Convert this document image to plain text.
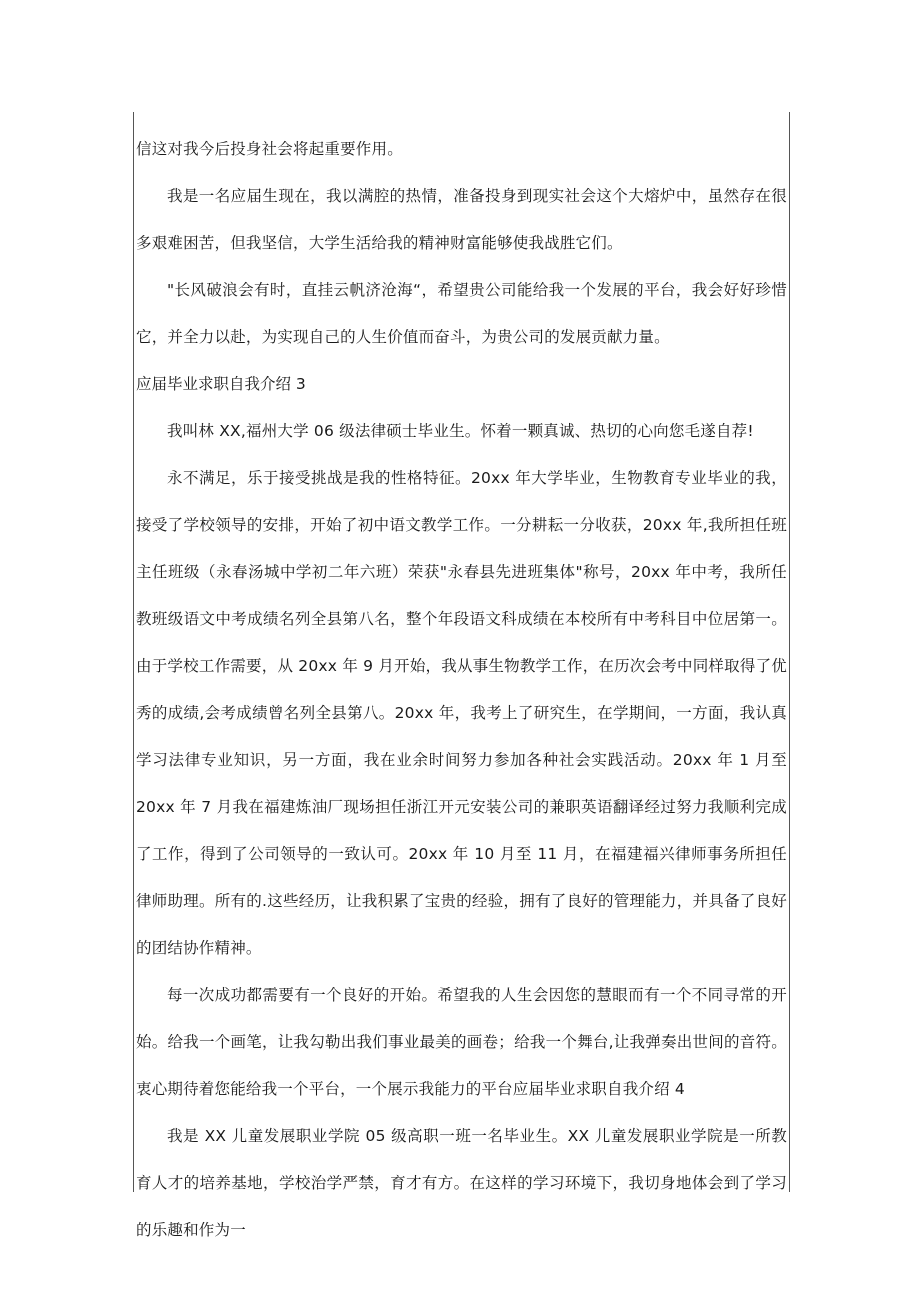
信这对我今后投身社会将起重要作用。

我是一名应届生现在，我以满腔的热情，准备投身到现实社会这个大熔炉中，虽然存在很多艰难困苦，但我坚信，大学生活给我的精神财富能够使我战胜它们。

"长风破浪会有时，直挂云帆济沧海“，希望贵公司能给我一个发展的平台，我会好好珍惜它，并全力以赴，为实现自己的人生价值而奋斗，为贵公司的发展贡献力量。

应届毕业求职自我介绍 3

我叫林 XX,福州大学 06 级法律硕士毕业生。怀着一颗真诚、热切的心向您毛遂自荐!

永不满足，乐于接受挑战是我的性格特征。20xx 年大学毕业，生物教育专业毕业的我，接受了学校领导的安排，开始了初中语文教学工作。一分耕耘一分收获，20xx 年,我所担任班主任班级（永春汤城中学初二年六班）荣获"永春县先进班集体"称号，20xx 年中考，我所任教班级语文中考成绩名列全县第八名，整个年段语文科成绩在本校所有中考科目中位居第一。由于学校工作需要，从 20xx 年 9 月开始，我从事生物教学工作，在历次会考中同样取得了优秀的成绩,会考成绩曾名列全县第八。20xx 年，我考上了研究生，在学期间，一方面，我认真学习法律专业知识，另一方面，我在业余时间努力参加各种社会实践活动。20xx 年 1 月至 20xx 年 7 月我在福建炼油厂现场担任浙江开元安装公司的兼职英语翻译经过努力我顺利完成了工作，得到了公司领导的一致认可。20xx 年 10 月至 11 月，在福建福兴律师事务所担任律师助理。所有的.这些经历，让我积累了宝贵的经验，拥有了良好的管理能力，并具备了良好的团结协作精神。

每一次成功都需要有一个良好的开始。希望我的人生会因您的慧眼而有一个不同寻常的开始。给我一个画笔，让我勾勒出我们事业最美的画卷；给我一个舞台,让我弹奏出世间的音符。衷心期待着您能给我一个平台，一个展示我能力的平台应届毕业求职自我介绍 4

我是 XX 儿童发展职业学院 05 级高职一班一名毕业生。XX 儿童发展职业学院是一所教育人才的培养基地，学校治学严禁，育才有方。在这样的学习环境下，我切身地体会到了学习的乐趣和作为一
